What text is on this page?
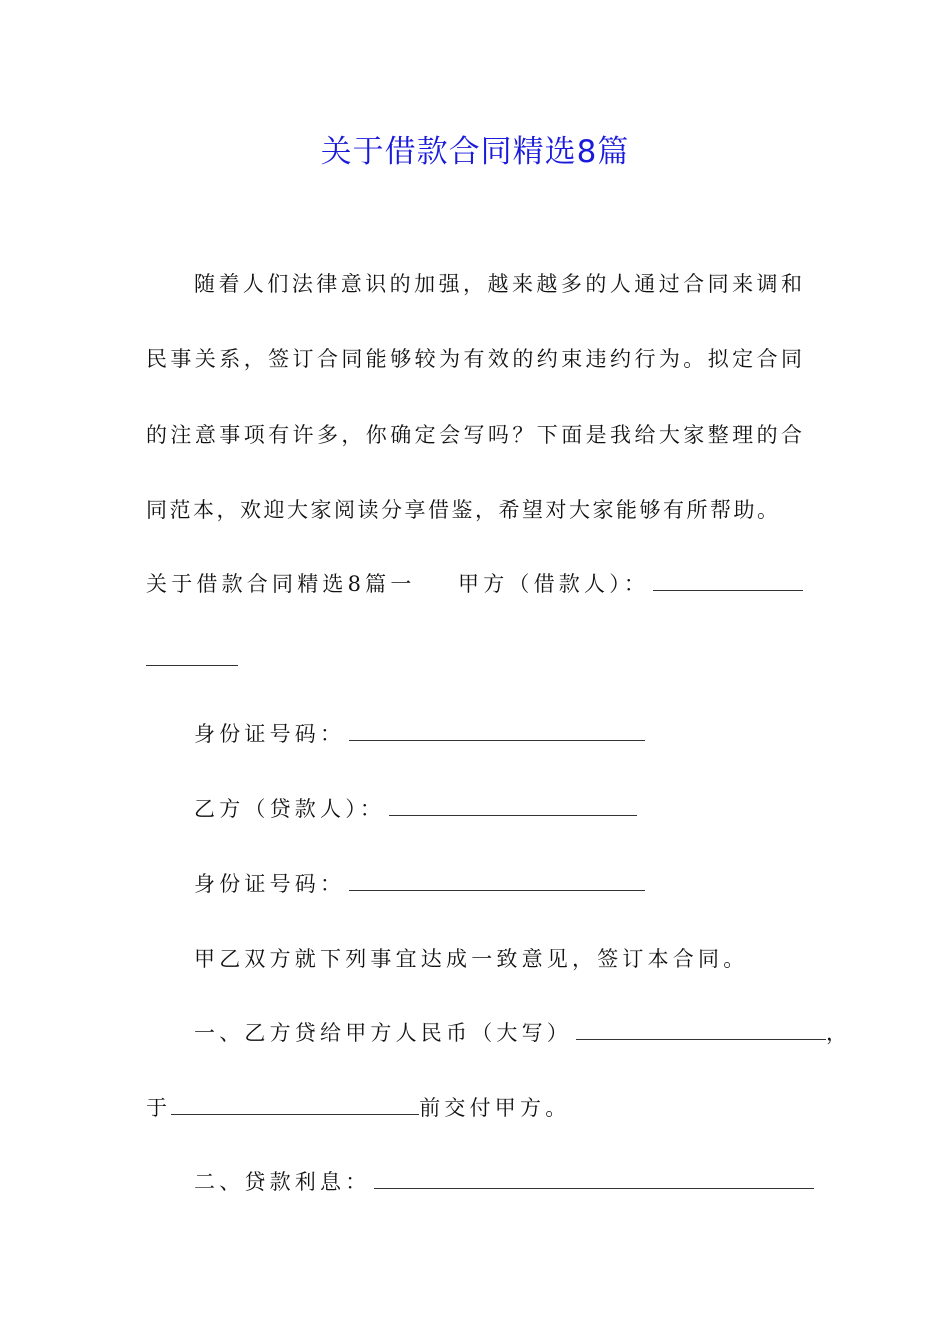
关于借款合同精选8篇
随着人们法律意识的加强，越来越多的人通过合同来调和
民事关系，签订合同能够较为有效的约束违约行为。拟定合同
的注意事项有许多，你确定会写吗？下面是我给大家整理的合
同范本，欢迎大家阅读分享借鉴，希望对大家能够有所帮助。
关于借款合同精选8篇一 甲方（借款人）：
身份证号码：
乙方（贷款人）：
身份证号码：
甲乙双方就下列事宜达成一致意见，签订本合同。
一、乙方贷给甲方人民币（大写）	，
于	前交付甲方。
二、贷款利息：
